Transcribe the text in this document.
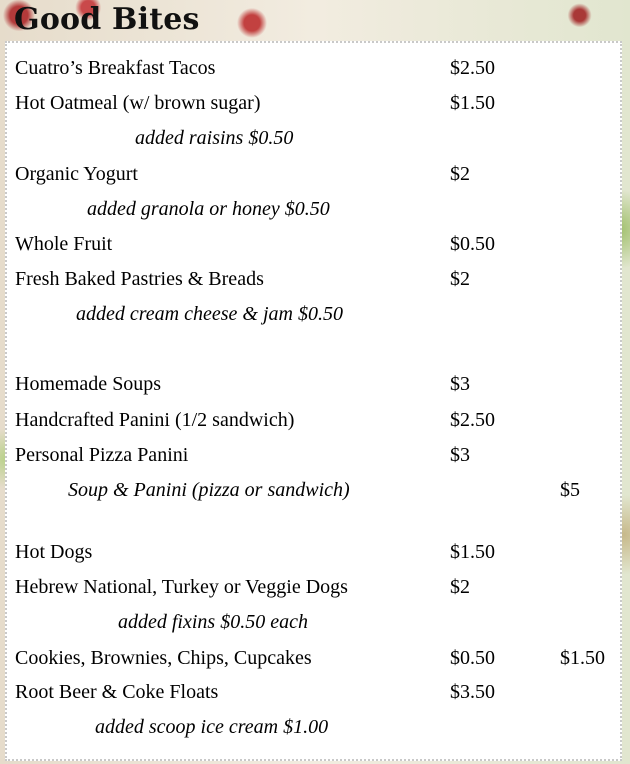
Good Bites
Cuatro’s Breakfast Tacos	$2.50
Hot Oatmeal (w/ brown sugar)	$1.50
added raisins $0.50
Organic Yogurt	$2
added granola or honey $0.50
Whole Fruit	$0.50
Fresh Baked Pastries & Breads	$2
added cream cheese & jam $0.50
Homemade Soups	$3
Handcrafted Panini (1/2 sandwich)	$2.50
Personal Pizza Panini	$3
Soup & Panini (pizza or sandwich)	$5
Hot Dogs	$1.50
Hebrew National, Turkey or Veggie Dogs	$2
added fixins $0.50 each
Cookies, Brownies, Chips, Cupcakes	$0.50	$1.50
Root Beer & Coke Floats	$3.50
added scoop ice cream $1.00
